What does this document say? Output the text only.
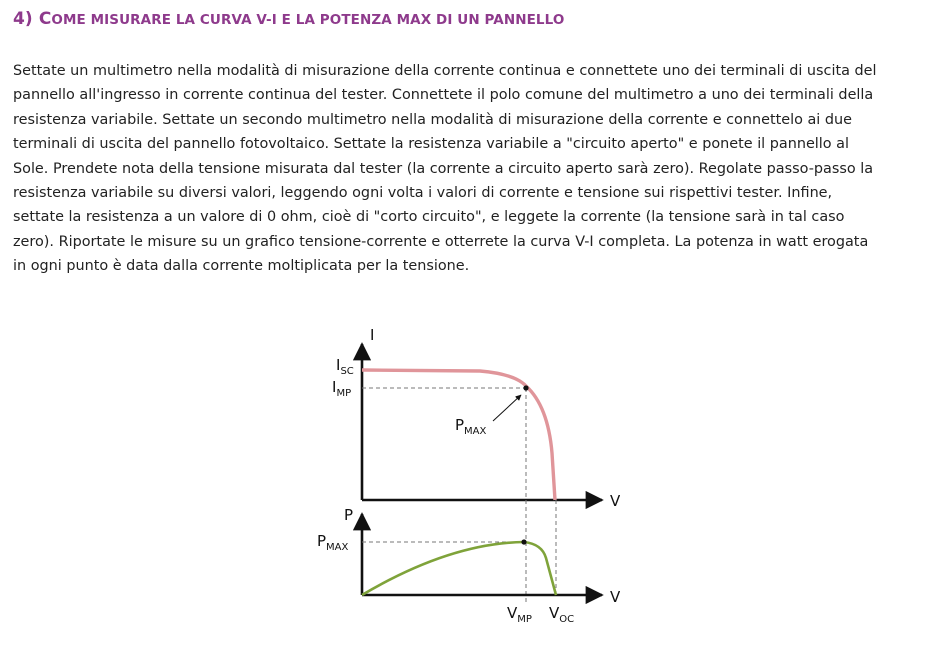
4) COME MISURARE LA CURVA V-I E LA POTENZA MAX DI UN PANNELLO

Settate un multimetro nella modalità di misurazione della corrente continua e connettete uno dei terminali di uscita del
pannello all'ingresso in corrente continua del tester. Connettete il polo comune del multimetro a uno dei terminali della
resistenza variabile. Settate un secondo multimetro nella modalità di misurazione della corrente e connettelo ai due
terminali di uscita del pannello fotovoltaico. Settate la resistenza variabile a "circuito aperto" e ponete il pannello al
Sole. Prendete nota della tensione misurata dal tester (la corrente a circuito aperto sarà zero). Regolate passo-passo la
resistenza variabile su diversi valori, leggendo ogni volta i valori di corrente e tensione sui rispettivi tester. Infine,
settate la resistenza a un valore di 0 ohm, cioè di "corto circuito", e leggete la corrente (la tensione sarà in tal caso
zero). Riportate le misure su un grafico tensione-corrente e otterrete la curva V-I completa. La potenza in watt erogata
in ogni punto è data dalla corrente moltiplicata per la tensione.

I
V
P
V
$I_{SC}$
$I_{MP}$
$P_{MAX}$
$P_{MAX}$
$V_{MP}$ $V_{OC}$
